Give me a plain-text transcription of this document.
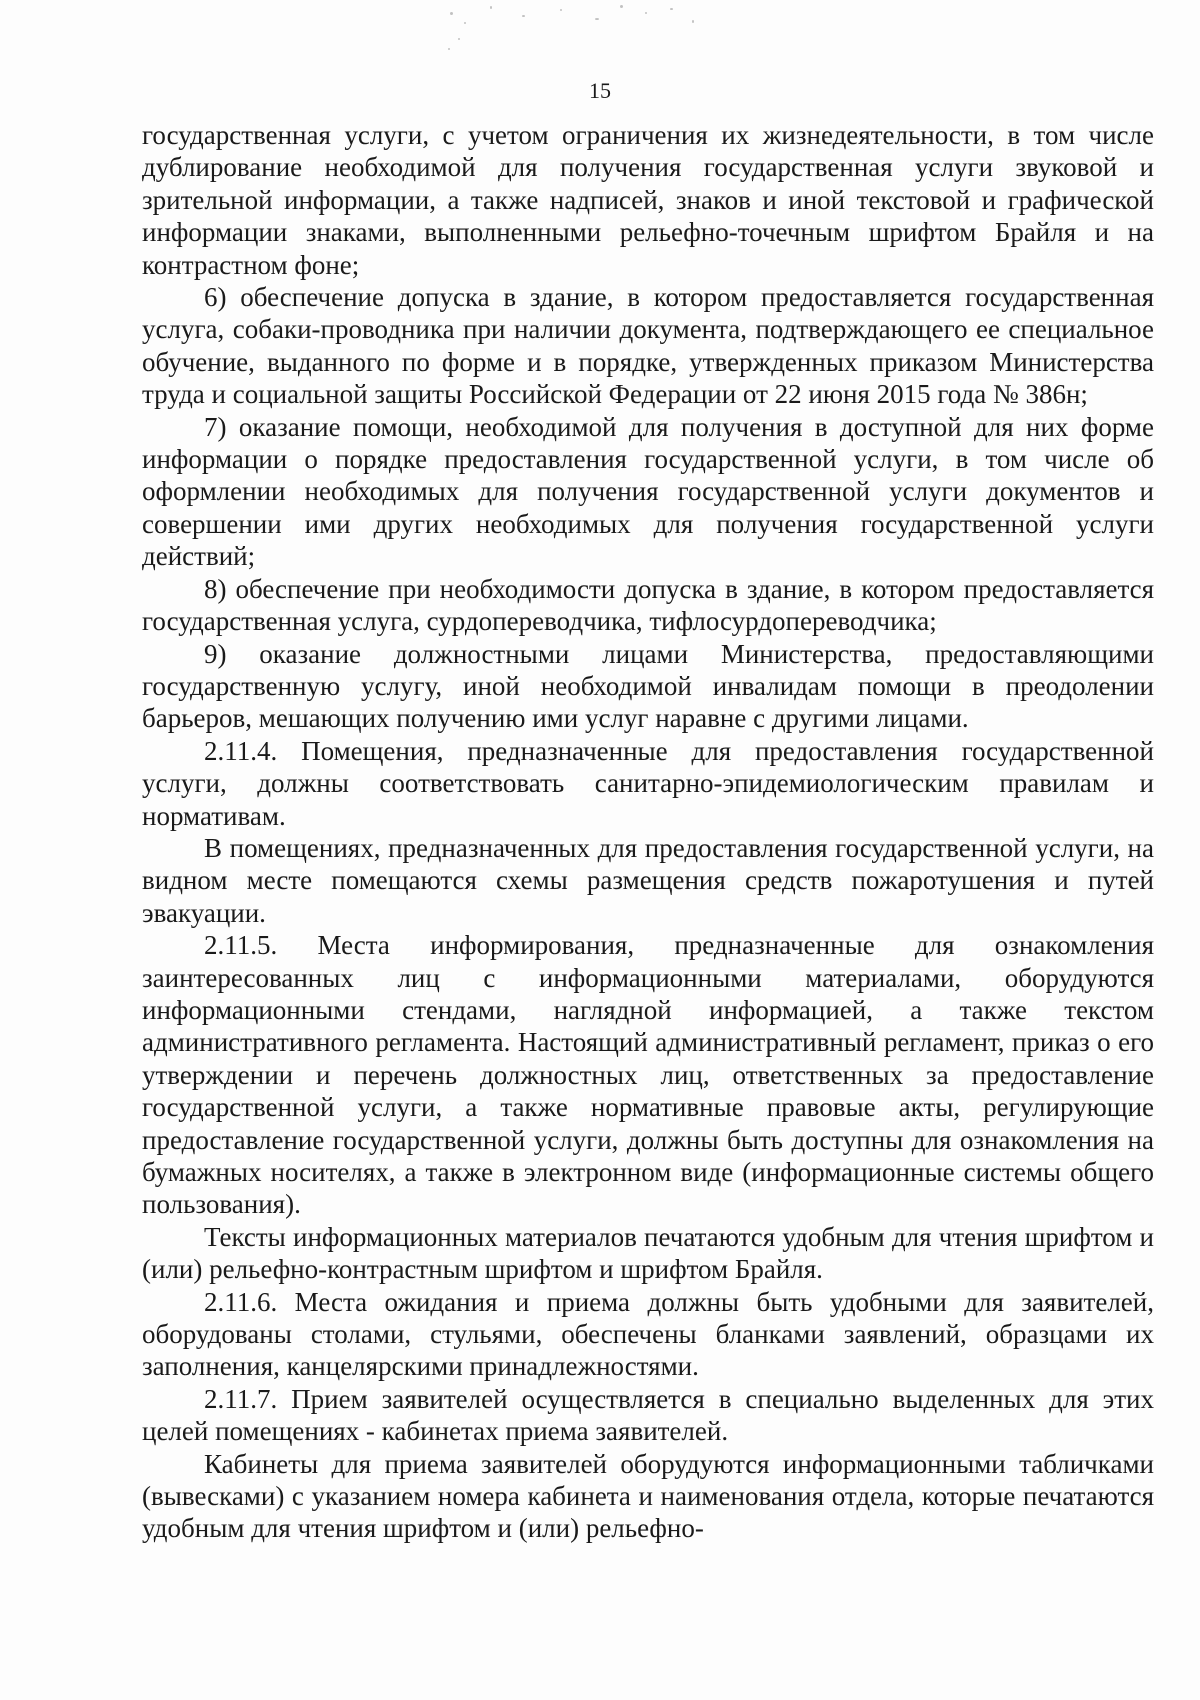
15

государственная услуги, с учетом ограничения их жизнедеятельности, в том числе дублирование необходимой для получения государственная услуги звуковой и зрительной информации, а также надписей, знаков и иной текстовой и графической информации знаками, выполненными рельефно-точечным шрифтом Брайля и на контрастном фоне;

6) обеспечение допуска в здание, в котором предоставляется государственная услуга, собаки-проводника при наличии документа, подтверждающего ее специальное обучение, выданного по форме и в порядке, утвержденных приказом Министерства труда и социальной защиты Российской Федерации от 22 июня 2015 года № 386н;

7) оказание помощи, необходимой для получения в доступной для них форме информации о порядке предоставления государственной услуги, в том числе об оформлении необходимых для получения государственной услуги документов и совершении ими других необходимых для получения государственной услуги действий;

8) обеспечение при необходимости допуска в здание, в котором предоставляется государственная услуга, сурдопереводчика, тифлосурдопереводчика;

9) оказание должностными лицами Министерства, предоставляющими государственную услугу, иной необходимой инвалидам помощи в преодолении барьеров, мешающих получению ими услуг наравне с другими лицами.

2.11.4. Помещения, предназначенные для предоставления государственной услуги, должны соответствовать санитарно-эпидемиологическим правилам и нормативам.

В помещениях, предназначенных для предоставления государственной услуги, на видном месте помещаются схемы размещения средств пожаротушения и путей эвакуации.

2.11.5. Места информирования, предназначенные для ознакомления заинтересованных лиц с информационными материалами, оборудуются информационными стендами, наглядной информацией, а также текстом административного регламента. Настоящий административный регламент, приказ о его утверждении и перечень должностных лиц, ответственных за предоставление государственной услуги, а также нормативные правовые акты, регулирующие предоставление государственной услуги, должны быть доступны для ознакомления на бумажных носителях, а также в электронном виде (информационные системы общего пользования).

Тексты информационных материалов печатаются удобным для чтения шрифтом и (или) рельефно-контрастным шрифтом и шрифтом Брайля.

2.11.6. Места ожидания и приема должны быть удобными для заявителей, оборудованы столами, стульями, обеспечены бланками заявлений, образцами их заполнения, канцелярскими принадлежностями.

2.11.7. Прием заявителей осуществляется в специально выделенных для этих целей помещениях - кабинетах приема заявителей.

Кабинеты для приема заявителей оборудуются информационными табличками (вывесками) с указанием номера кабинета и наименования отдела, которые печатаются удобным для чтения шрифтом и (или) рельефно-
